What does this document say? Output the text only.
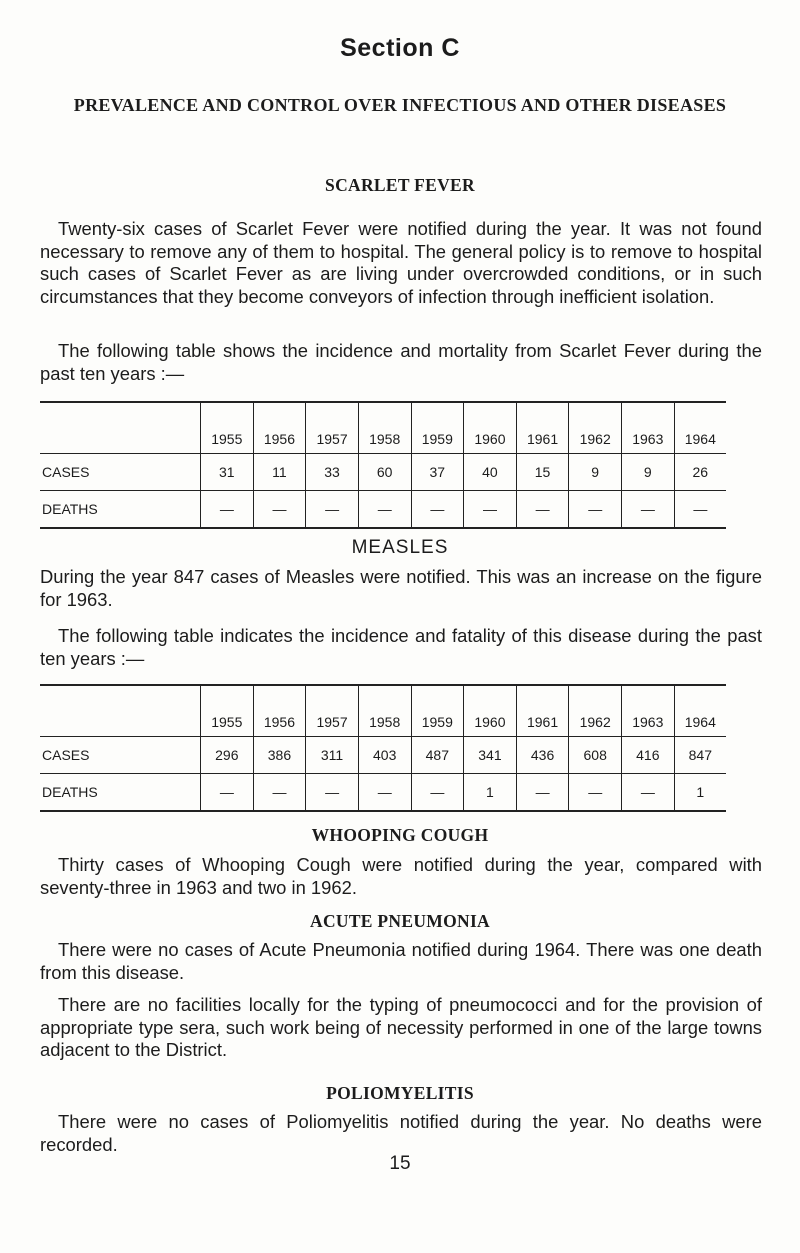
Section C
PREVALENCE AND CONTROL OVER INFECTIOUS AND OTHER DISEASES
SCARLET FEVER
Twenty-six cases of Scarlet Fever were notified during the year. It was not found necessary to remove any of them to hospital. The general policy is to remove to hospital such cases of Scarlet Fever as are living under overcrowded conditions, or in such circumstances that they become conveyors of infection through inefficient isolation.
The following table shows the incidence and mortality from Scarlet Fever during the past ten years :—
	1955	1956	1957	1958	1959	1960	1961	1962	1963	1964
CASES	31	11	33	60	37	40	15	9	9	26
DEATHS	—	—	—	—	—	—	—	—	—	—
MEASLES
During the year 847 cases of Measles were notified. This was an increase on the figure for 1963.
The following table indicates the incidence and fatality of this disease during the past ten years :—
	1955	1956	1957	1958	1959	1960	1961	1962	1963	1964
CASES	296	386	311	403	487	341	436	608	416	847
DEATHS	—	—	—	—	—	1	—	—	—	1
WHOOPING COUGH
Thirty cases of Whooping Cough were notified during the year, compared with seventy-three in 1963 and two in 1962.
ACUTE PNEUMONIA
There were no cases of Acute Pneumonia notified during 1964. There was one death from this disease.
There are no facilities locally for the typing of pneumococci and for the provision of appropriate type sera, such work being of necessity performed in one of the large towns adjacent to the District.
POLIOMYELITIS
There were no cases of Poliomyelitis notified during the year. No deaths were recorded.
15
